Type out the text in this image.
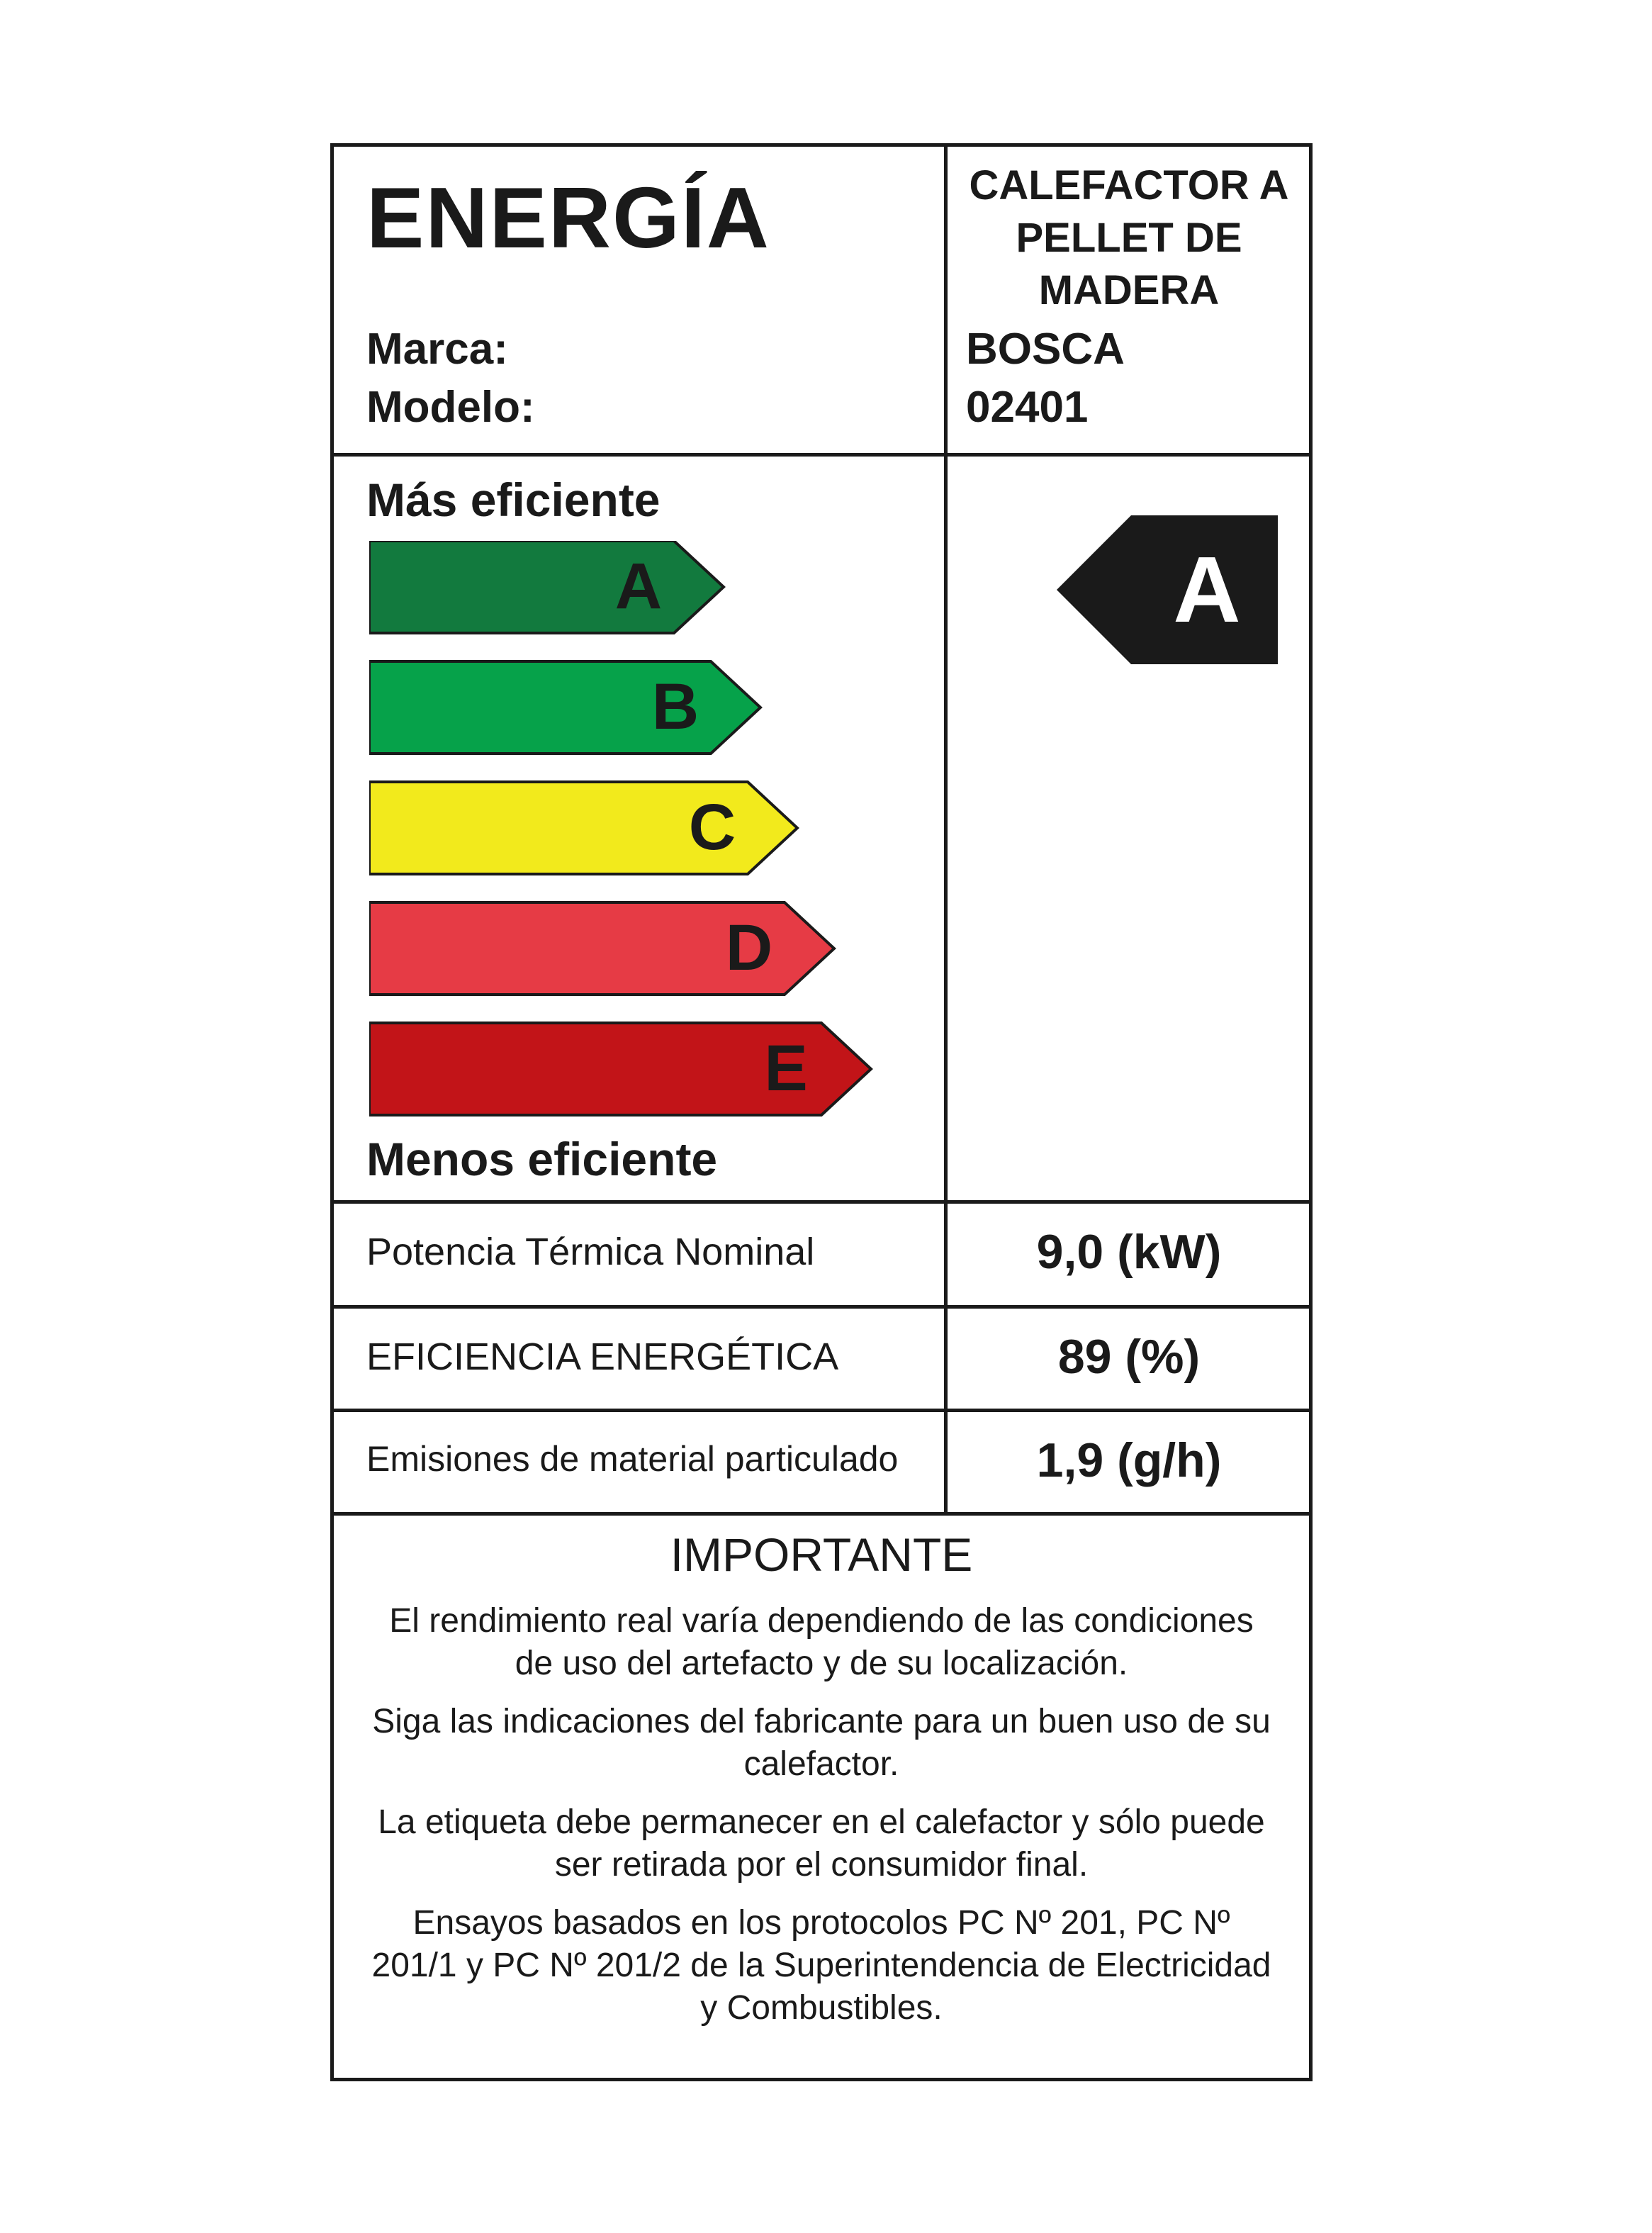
ENERGÍA	CALEFACTOR A
PELLET DE
MADERA
Marca:	BOSCA
Modelo:	02401
Más eficiente
A
B
C
D
E
Menos eficiente
A
Potencia Térmica Nominal	9,0 (kW)
EFICIENCIA ENERGÉTICA	89 (%)
Emisiones de material particulado	1,9 (g/h)
IMPORTANTE
El rendimiento real varía dependiendo de las condiciones
de uso del artefacto y de su localización.
Siga las indicaciones del fabricante para un buen uso de su
calefactor.
La etiqueta debe permanecer en el calefactor y sólo puede
ser retirada por el consumidor final.
Ensayos basados en los protocolos PC Nº 201, PC Nº
201/1 y PC Nº 201/2 de la Superintendencia de Electricidad
y Combustibles.
